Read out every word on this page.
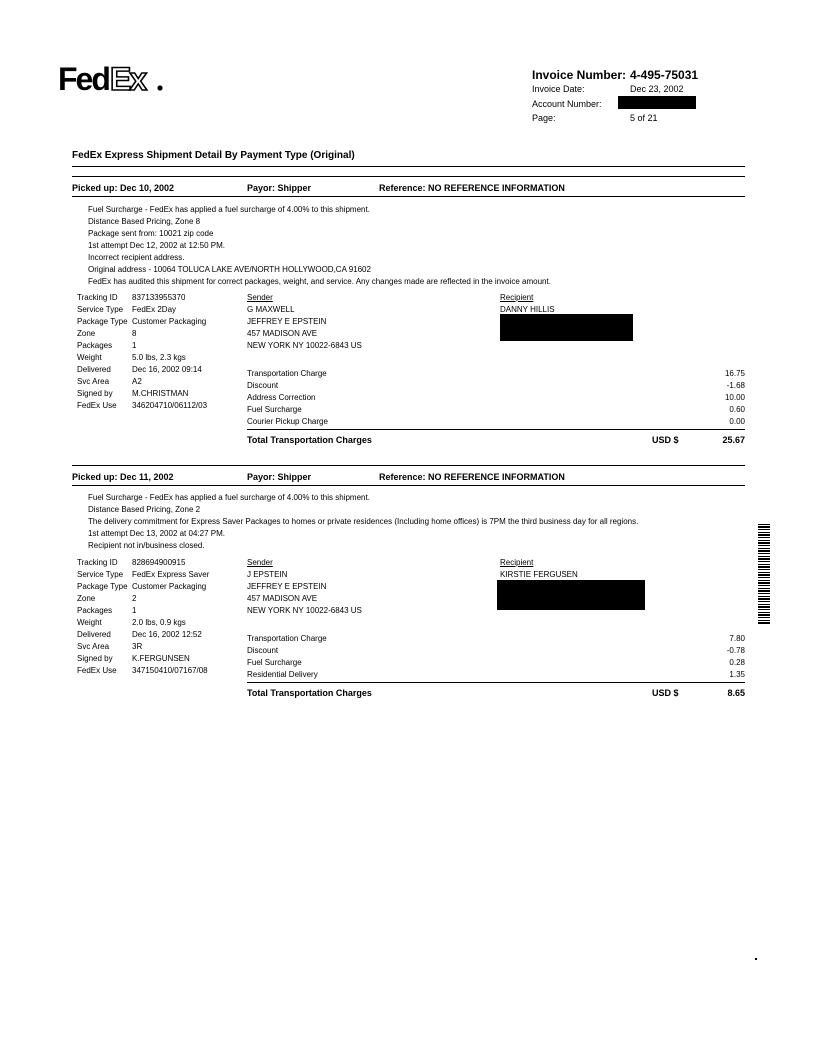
Fed Ex	Invoice Number: 4-495-75031
Invoice Date:	Dec 23, 2002
Account Number:
Page:	5 of 21
FedEx Express Shipment Detail By Payment Type (Original)
Picked up: Dec 10, 2002	Payor: Shipper	Reference: NO REFERENCE INFORMATION
Fuel Surcharge - FedEx has applied a fuel surcharge of 4.00% to this shipment.
Distance Based Pricing, Zone 8
Package sent from: 10021 zip code
1st attempt Dec 12, 2002 at 12:50 PM.
Incorrect recipient address.
Original address - 10064 TOLUCA LAKE AVE/NORTH HOLLYWOOD,CA 91602
FedEx has audited this shipment for correct packages, weight, and service. Any changes made are reflected in the invoice amount.
Tracking ID 837133955370
Service Type FedEx 2Day
Package Type Customer Packaging
Zone	8
Packages 1
Weight	5.0 lbs, 2.3 kgs
Delivered	Dec 16, 2002 09:14
Svc Area	A2
Signed by M.CHRISTMAN
FedEx Use 346204710/06112/03
Sender
G MAXWELL
JEFFREY E EPSTEIN
457 MADISON AVE
NEW YORK NY 10022-6843 US
Recipient
DANNY HILLIS
Transportation Charge	16.75
Discount	-1.68
Address Correction	10.00
Fuel Surcharge	0.60
Courier Pickup Charge	0.00
Total Transportation Charges	USD $	25.67
Picked up: Dec 11, 2002	Payor: Shipper	Reference: NO REFERENCE INFORMATION
Fuel Surcharge - FedEx has applied a fuel surcharge of 4.00% to this shipment.
Distance Based Pricing, Zone 2
The delivery commitment for Express Saver Packages to homes or private residences (Including home offices) is 7PM the third business day for all regions.
1st attempt Dec 13, 2002 at 04:27 PM.
Recipient not in/business closed.
Tracking ID 828694900915
Service Type FedEx Express Saver
Package Type Customer Packaging
Zone	2
Packages 1
Weight	2.0 lbs, 0.9 kgs
Delivered	Dec 16, 2002 12:52
Svc Area	3R
Signed by K.FERGUNSEN
FedEx Use 347150410/07167/08
Sender
J EPSTEIN
JEFFREY E EPSTEIN
457 MADISON AVE
NEW YORK NY 10022-6843 US
Recipient
KIRSTIE FERGUSEN
Transportation Charge	7.80
Discount	-0.78
Fuel Surcharge	0.28
Residential Delivery	1.35
Total Transportation Charges	USD $	8.65
